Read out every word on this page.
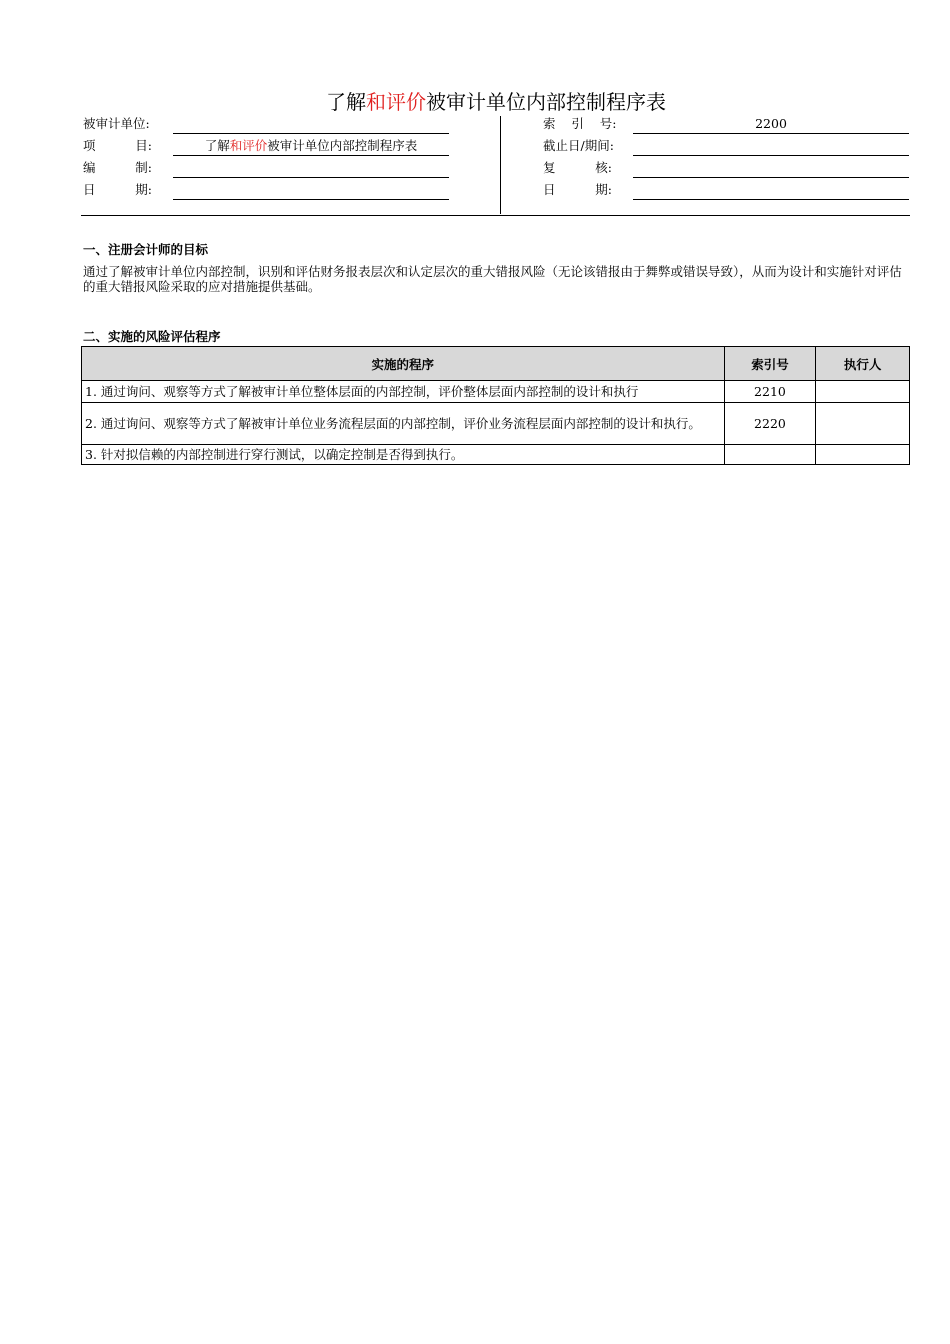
了解和评价被审计单位内部控制程序表
被审计单位:
项          目:	了解和评价被审计单位内部控制程序表
编          制:
日          期:
索    引    号:	2200
截止日/期间:
复          核:
日          期:
一、注册会计师的目标
通过了解被审计单位内部控制，识别和评估财务报表层次和认定层次的重大错报风险（无论该错报由于舞弊或错误导致），从而为设计和实施针对评估的重大错报风险采取的应对措施提供基础。
二、实施的风险评估程序
实施的程序	索引号	执行人
1. 通过询问、观察等方式了解被审计单位整体层面的内部控制，评价整体层面内部控制的设计和执行	2210	
2. 通过询问、观察等方式了解被审计单位业务流程层面的内部控制，评价业务流程层面内部控制的设计和执行。	2220	
3. 针对拟信赖的内部控制进行穿行测试，以确定控制是否得到执行。		
